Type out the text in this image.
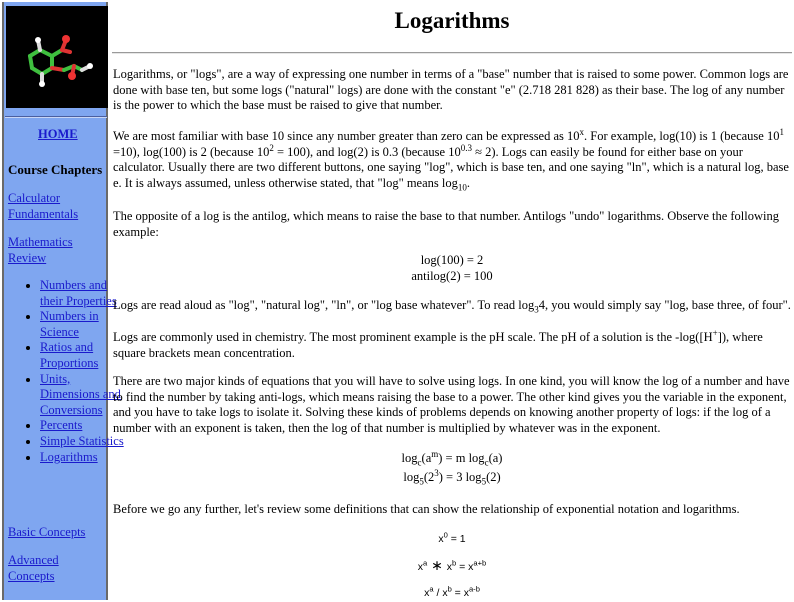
HOME
Course Chapters
Calculator Fundamentals
Mathematics Review
• Numbers and their Properties
• Numbers in Science
• Ratios and Proportions
• Units, Dimensions and Conversions
• Percents
• Simple Statistics
• Logarithms
Basic Concepts
Advanced Concepts
Logarithms

Logarithms, or "logs", are a way of expressing one number in terms of a "base" number that is raised to some power. Common logs are done with base ten, but some logs ("natural" logs) are done with the constant "e" (2.718 281 828) as their base. The log of any number is the power to which the base must be raised to give that number.

We are most familiar with base 10 since any number greater than zero can be expressed as 10$^x$. For example, log(10) is 1 (because $10^1 =10$), log(100) is 2 (because $10^2 = 100$), and log(2) is 0.3 (because $10^{0.3} \approx 2$). Logs can easily be found for either base on your calculator. Usually there are two different buttons, one saying "log", which is base ten, and one saying "ln", which is a natural log, base e. It is always assumed, unless otherwise stated, that "log" means $\log_{10}$.

The opposite of a log is the antilog, which means to raise the base to that number. Antilogs "undo" logarithms. Observe the following example:

log(100) = 2
antilog(2) = 100

Logs are read aloud as "log", "natural log", "ln", or "log base whatever". To read $\log_34$, you would simply say "log, base three, of four".

Logs are commonly used in chemistry. The most prominent example is the pH scale. The pH of a solution is the -log([H+]), where square brackets mean concentration.

There are two major kinds of equations that you will have to solve using logs. In one kind, you will know the log of a number and have to find the number by taking anti-logs, which means raising the base to a power. The other kind gives you the variable in the exponent, and you have to take logs to isolate it. Solving these kinds of problems depends on knowing another property of logs: if the log of a number with an exponent is taken, then the log of that number is multiplied by whatever was in the exponent.

$\log_c(a^m) = m$ $\log_c(a)$
$\log_5(2^3) = 3$ $\log_5(2)$

Before we go any further, let's review some definitions that can show the relationship of exponential notation and logarithms.

$x^0 = 1$
$x^a$ ∗ $x^b = x^{a+b}$
$x^a / x^b = x^{a-b}$
